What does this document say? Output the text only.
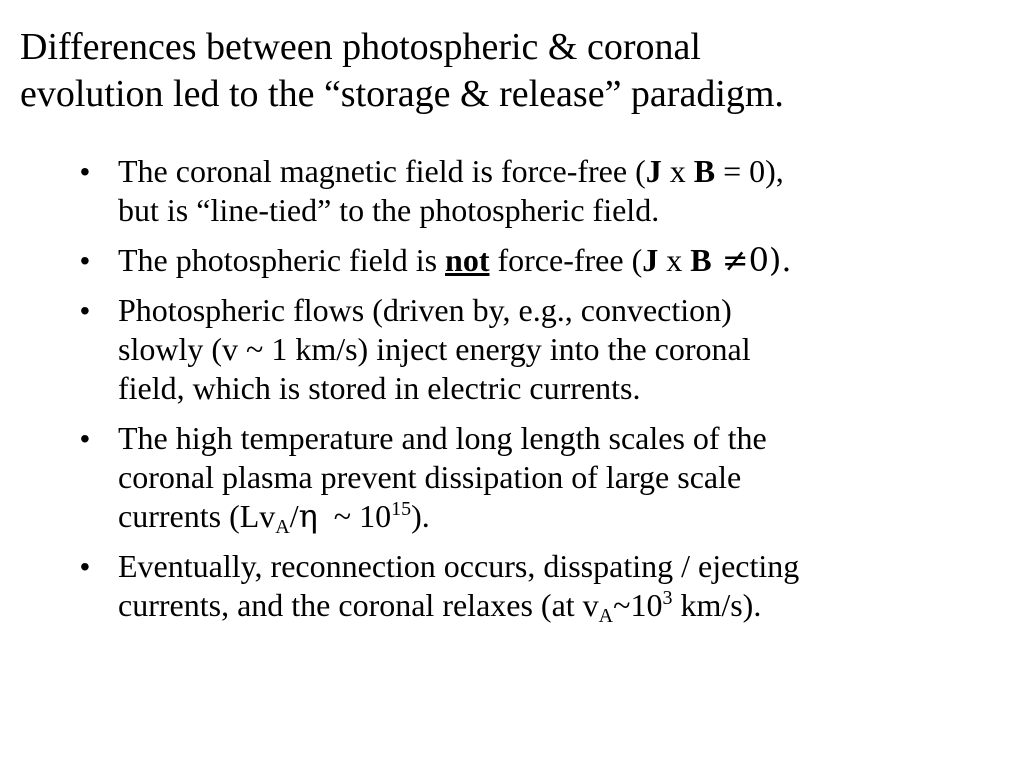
Differences between photospheric & coronal
evolution led to the “storage & release” paradigm.
• The coronal magnetic field is force-free (J x B = 0),
but is “line-tied” to the photospheric field.
• The photospheric field is not force-free (J x B ≠0).
• Photospheric flows (driven by, e.g., convection)
slowly (v ~ 1 km/s) inject energy into the coronal
field, which is stored in electric currents.
• The high temperature and long length scales of the
coronal plasma prevent dissipation of large scale
currents ($Lv_A/\eta$  ~ $10^{15}$).
• Eventually, reconnection occurs, disspating / ejecting
currents, and the coronal relaxes (at $v_A\sim 10^3$ km/s).
